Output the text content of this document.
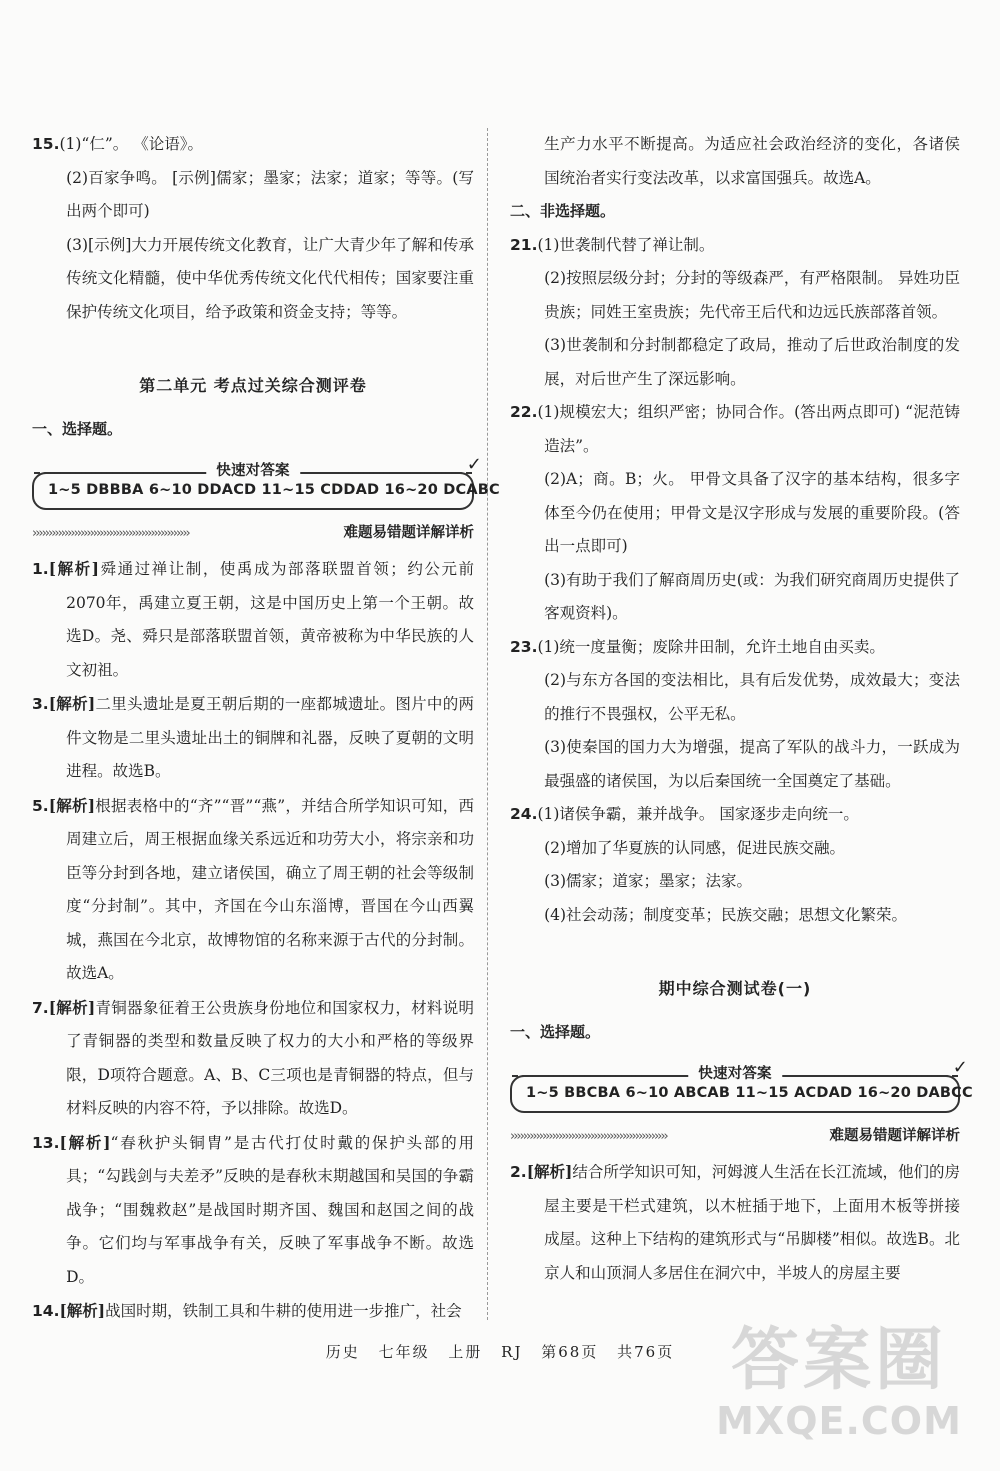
15.(1)“仁”。 《论语》。
(2)百家争鸣。 [示例]儒家；墨家；法家；道家；等等。(写出两个即可)
(3)[示例]大力开展传统文化教育，让广大青少年了解和传承传统文化精髓，使中华优秀传统文化代代相传；国家要注重保护传统文化项目，给予政策和资金支持；等等。
第二单元 考点过关综合测评卷
一、选择题。
快速对答案	✓
1~5 DBBBA 6~10 DDACD 11~15 CDDAD 16~20 DCABC
›››››››››››››››››››››››››››››››››››››››››››››››››	难题易错题详解详析
1.[解析]舜通过禅让制，使禹成为部落联盟首领；约公元前2070年，禹建立夏王朝，这是中国历史上第一个王朝。故选D。尧、舜只是部落联盟首领，黄帝被称为中华民族的人文初祖。
3.[解析]二里头遗址是夏王朝后期的一座都城遗址。图片中的两件文物是二里头遗址出土的铜牌和礼器，反映了夏朝的文明进程。故选B。
5.[解析]根据表格中的“齐”“晋”“燕”，并结合所学知识可知，西周建立后，周王根据血缘关系远近和功劳大小，将宗亲和功臣等分封到各地，建立诸侯国，确立了周王朝的社会等级制度“分封制”。其中，齐国在今山东淄博，晋国在今山西翼城，燕国在今北京，故博物馆的名称来源于古代的分封制。故选A。
7.[解析]青铜器象征着王公贵族身份地位和国家权力，材料说明了青铜器的类型和数量反映了权力的大小和严格的等级界限，D项符合题意。A、B、C三项也是青铜器的特点，但与材料反映的内容不符，予以排除。故选D。
13.[解析]“春秋护头铜胄”是古代打仗时戴的保护头部的用具；“勾践剑与夫差矛”反映的是春秋末期越国和吴国的争霸战争；“围魏救赵”是战国时期齐国、魏国和赵国之间的战争。它们均与军事战争有关，反映了军事战争不断。故选D。
14.[解析]战国时期，铁制工具和牛耕的使用进一步推广，社会
生产力水平不断提高。为适应社会政治经济的变化，各诸侯国统治者实行变法改革，以求富国强兵。故选A。
二、非选择题。
21.(1)世袭制代替了禅让制。
(2)按照层级分封；分封的等级森严，有严格限制。 异姓功臣贵族；同姓王室贵族；先代帝王后代和边远氏族部落首领。
(3)世袭制和分封制都稳定了政局，推动了后世政治制度的发展，对后世产生了深远影响。
22.(1)规模宏大；组织严密；协同合作。(答出两点即可) “泥范铸造法”。
(2)A；商。B；火。 甲骨文具备了汉字的基本结构，很多字体至今仍在使用；甲骨文是汉字形成与发展的重要阶段。(答出一点即可)
(3)有助于我们了解商周历史(或：为我们研究商周历史提供了客观资料)。
23.(1)统一度量衡；废除井田制，允许土地自由买卖。
(2)与东方各国的变法相比，具有后发优势，成效最大；变法的推行不畏强权，公平无私。
(3)使秦国的国力大为增强，提高了军队的战斗力，一跃成为最强盛的诸侯国，为以后秦国统一全国奠定了基础。
24.(1)诸侯争霸，兼并战争。 国家逐步走向统一。
(2)增加了华夏族的认同感，促进民族交融。
(3)儒家；道家；墨家；法家。
(4)社会动荡；制度变革；民族交融；思想文化繁荣。
期中综合测试卷(一)
一、选择题。
快速对答案	✓
1~5 BBCBA 6~10 ABCAB 11~15 ACDAD 16~20 DABCC
›››››››››››››››››››››››››››››››››››››››››››››››››	难题易错题详解详析
2.[解析]结合所学知识可知，河姆渡人生活在长江流域，他们的房屋主要是干栏式建筑，以木桩插于地下，上面用木板等拼接成屋。这种上下结构的建筑形式与“吊脚楼”相似。故选B。北京人和山顶洞人多居住在洞穴中，半坡人的房屋主要
历史 七年级 上册 RJ 第68页 共76页 答案圈
MXQE.COM
